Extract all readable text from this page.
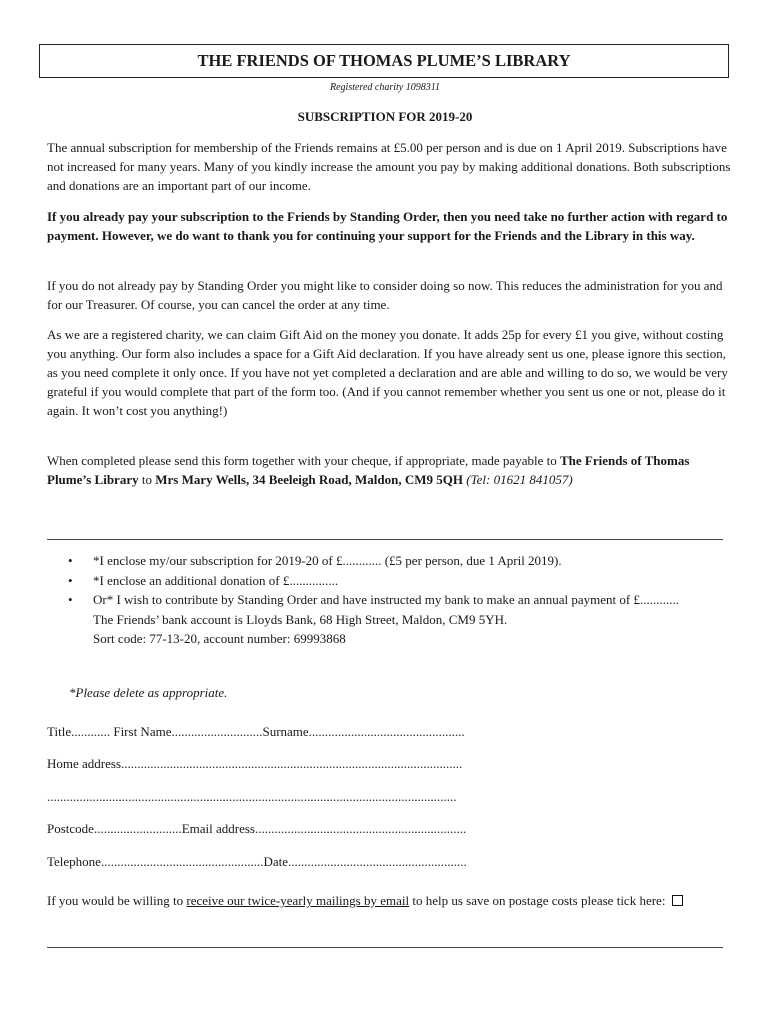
THE FRIENDS OF THOMAS PLUME’S LIBRARY
Registered charity 1098311
SUBSCRIPTION FOR 2019-20

The annual subscription for membership of the Friends remains at £5.00 per person and is due on 1 April 2019. Subscriptions have not increased for many years. Many of you kindly increase the amount you pay by making additional donations. Both subscriptions and donations are an important part of our income.

If you already pay your subscription to the Friends by Standing Order, then you need take no further action with regard to payment. However, we do want to thank you for continuing your support for the Friends and the Library in this way.

If you do not already pay by Standing Order you might like to consider doing so now. This reduces the administration for you and for our Treasurer. Of course, you can cancel the order at any time.

As we are a registered charity, we can claim Gift Aid on the money you donate. It adds 25p for every £1 you give, without costing you anything. Our form also includes a space for a Gift Aid declaration. If you have already sent us one, please ignore this section, as you need complete it only once. If you have not yet completed a declaration and are able and willing to do so, we would be very grateful if you would complete that part of the form too. (And if you cannot remember whether you sent us one or not, please do it again. It won’t cost you anything!)

When completed please send this form together with your cheque, if appropriate, made payable to The Friends of Thomas Plume’s Library to Mrs Mary Wells, 34 Beeleigh Road, Maldon, CM9 5QH (Tel: 01621 841057)

• *I enclose my/our subscription for 2019-20 of £............ (£5 per person, due 1 April 2019).
• *I enclose an additional donation of £...............
• Or* I wish to contribute by Standing Order and have instructed my bank to make an annual payment of £............
The Friends’ bank account is Lloyds Bank, 68 High Street, Maldon, CM9 5YH.
Sort code: 77-13-20, account number: 69993868
*Please delete as appropriate.
Title............ First Name............................Surname................................................
Home address.........................................................................................................
..............................................................................................................................
Postcode...........................Email address.................................................................
Telephone..................................................Date.......................................................

If you would be willing to receive our twice-yearly mailings by email to help us save on postage costs please tick here:
